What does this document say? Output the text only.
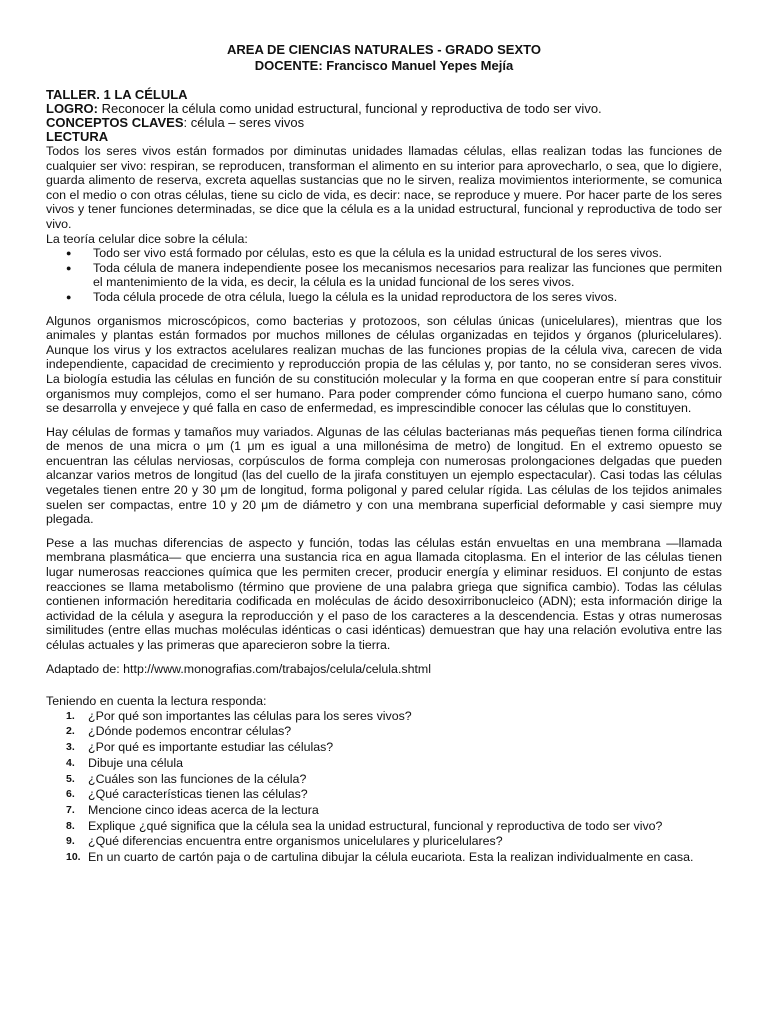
AREA DE CIENCIAS NATURALES - GRADO SEXTO
DOCENTE: Francisco Manuel Yepes Mejía
TALLER. 1 LA CÉLULA
LOGRO: Reconocer la célula como unidad estructural, funcional y reproductiva de todo ser vivo.
CONCEPTOS CLAVES: célula – seres vivos
LECTURA

Todos los seres vivos están formados por diminutas unidades llamadas células, ellas realizan todas las funciones de cualquier ser vivo: respiran, se reproducen, transforman el alimento en su interior para aprovecharlo, o sea, que lo digiere, guarda alimento de reserva, excreta aquellas sustancias que no le sirven, realiza movimientos interiormente, se comunica con el medio o con otras células, tiene su ciclo de vida, es decir: nace, se reproduce y muere. Por hacer parte de los seres vivos y tener funciones determinadas, se dice que la célula es a la unidad estructural, funcional y reproductiva de todo ser vivo.

La teoría celular dice sobre la célula:

● Todo ser vivo está formado por células, esto es que la célula es la unidad estructural de los seres vivos.
● Toda célula de manera independiente posee los mecanismos necesarios para realizar las funciones que permiten el mantenimiento de la vida, es decir, la célula es la unidad funcional de los seres vivos.
● Toda célula procede de otra célula, luego la célula es la unidad reproductora de los seres vivos.

Algunos organismos microscópicos, como bacterias y protozoos, son células únicas (unicelulares), mientras que los animales y plantas están formados por muchos millones de células organizadas en tejidos y órganos (pluricelulares). Aunque los virus y los extractos acelulares realizan muchas de las funciones propias de la célula viva, carecen de vida independiente, capacidad de crecimiento y reproducción propia de las células y, por tanto, no se consideran seres vivos. La biología estudia las células en función de su constitución molecular y la forma en que cooperan entre sí para constituir organismos muy complejos, como el ser humano. Para poder comprender cómo funciona el cuerpo humano sano, cómo se desarrolla y envejece y qué falla en caso de enfermedad, es imprescindible conocer las células que lo constituyen.

Hay células de formas y tamaños muy variados. Algunas de las células bacterianas más pequeñas tienen forma cilíndrica de menos de una micra o μm (1 μm es igual a una millonésima de metro) de longitud. En el extremo opuesto se encuentran las células nerviosas, corpúsculos de forma compleja con numerosas prolongaciones delgadas que pueden alcanzar varios metros de longitud (las del cuello de la jirafa constituyen un ejemplo espectacular). Casi todas las células vegetales tienen entre 20 y 30 μm de longitud, forma poligonal y pared celular rígida. Las células de los tejidos animales suelen ser compactas, entre 10 y 20 μm de diámetro y con una membrana superficial deformable y casi siempre muy plegada.

Pese a las muchas diferencias de aspecto y función, todas las células están envueltas en una membrana —llamada membrana plasmática— que encierra una sustancia rica en agua llamada citoplasma. En el interior de las células tienen lugar numerosas reacciones química que les permiten crecer, producir energía y eliminar residuos. El conjunto de estas reacciones se llama metabolismo (término que proviene de una palabra griega que significa cambio). Todas las células contienen información hereditaria codificada en moléculas de ácido desoxirribonucleico (ADN); esta información dirige la actividad de la célula y asegura la reproducción y el paso de los caracteres a la descendencia. Estas y otras numerosas similitudes (entre ellas muchas moléculas idénticas o casi idénticas) demuestran que hay una relación evolutiva entre las células actuales y las primeras que aparecieron sobre la tierra.

Adaptado de: http://www.monografias.com/trabajos/celula/celula.shtml

Teniendo en cuenta la lectura responda:

1. ¿Por qué son importantes las células para los seres vivos?
2. ¿Dónde podemos encontrar células?
3. ¿Por qué es importante estudiar las células?
4. Dibuje una célula
5. ¿Cuáles son las funciones de la célula?
6. ¿Qué características tienen las células?
7. Mencione cinco ideas acerca de la lectura
8. Explique ¿qué significa que la célula sea la unidad estructural, funcional y reproductiva de todo ser vivo?
9. ¿Qué diferencias encuentra entre organismos unicelulares y pluricelulares?
10. En un cuarto de cartón paja o de cartulina dibujar la célula eucariota. Esta la realizan individualmente en casa.
